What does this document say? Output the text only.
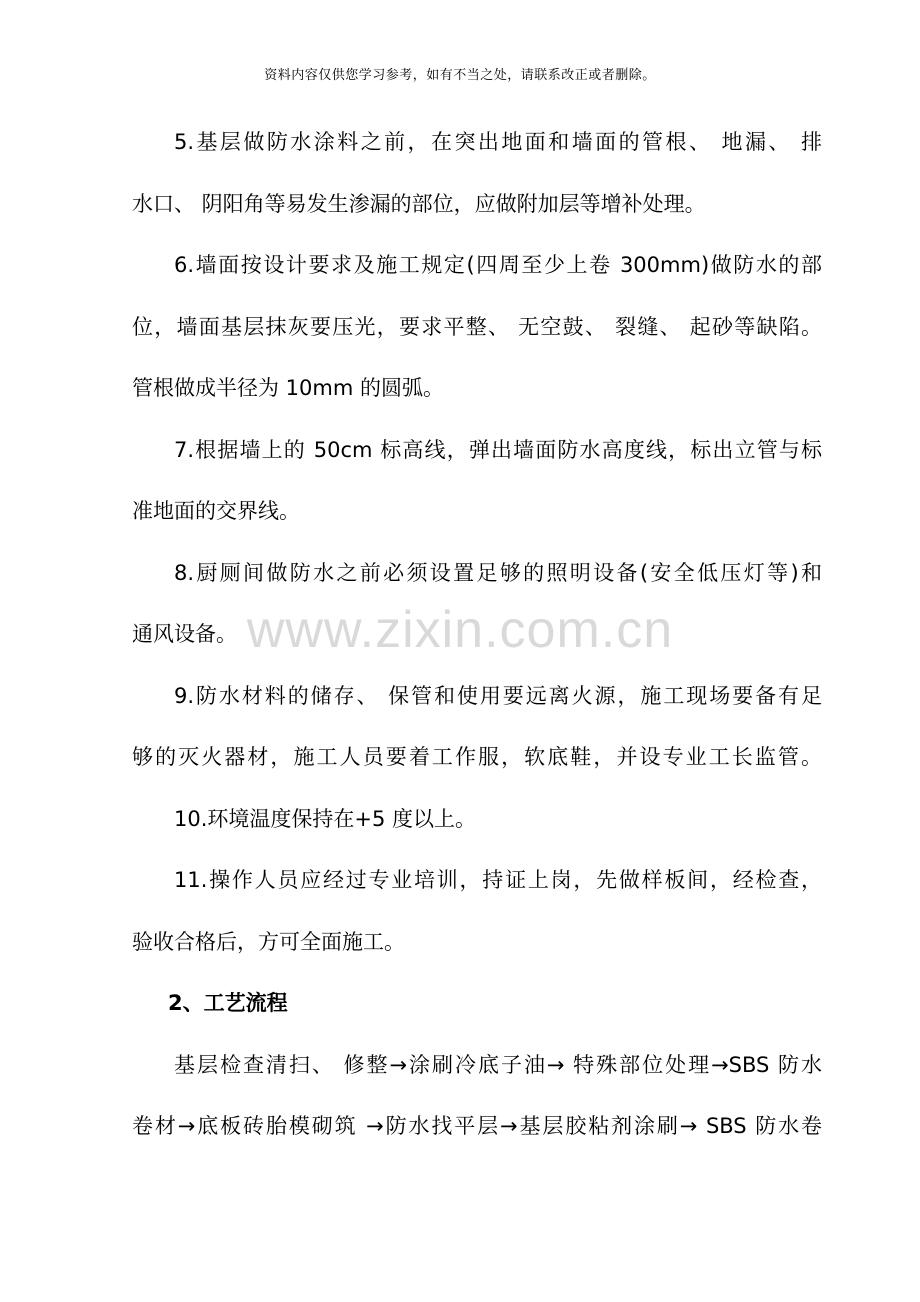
资料内容仅供您学习参考，如有不当之处，请联系改正或者删除。
5.基层做防水涂料之前，在突出地面和墙面的管根、 地漏、 排
水口、 阴阳角等易发生渗漏的部位，应做附加层等增补处理。
6.墙面按设计要求及施工规定(四周至少上卷 300mm)做防水的部
位，墙面基层抹灰要压光，要求平整、 无空鼓、 裂缝、 起砂等缺陷。
管根做成半径为 10mm 的圆弧。
7.根据墙上的 50cm 标高线，弹出墙面防水高度线，标出立管与标
准地面的交界线。
8.厨厕间做防水之前必须设置足够的照明设备(安全低压灯等)和
通风设备。
9.防水材料的储存、 保管和使用要远离火源，施工现场要备有足
够的灭火器材，施工人员要着工作服，软底鞋，并设专业工长监管。
10.环境温度保持在+5 度以上。
11.操作人员应经过专业培训，持证上岗，先做样板间，经检查，
验收合格后，方可全面施工。
2、工艺流程
基层检查清扫、 修整→涂刷冷底子油→ 特殊部位处理→SBS 防水
卷材→底板砖胎模砌筑 →防水找平层→基层胶粘剂涂刷→ SBS 防水卷
www.zixin.com.cn
